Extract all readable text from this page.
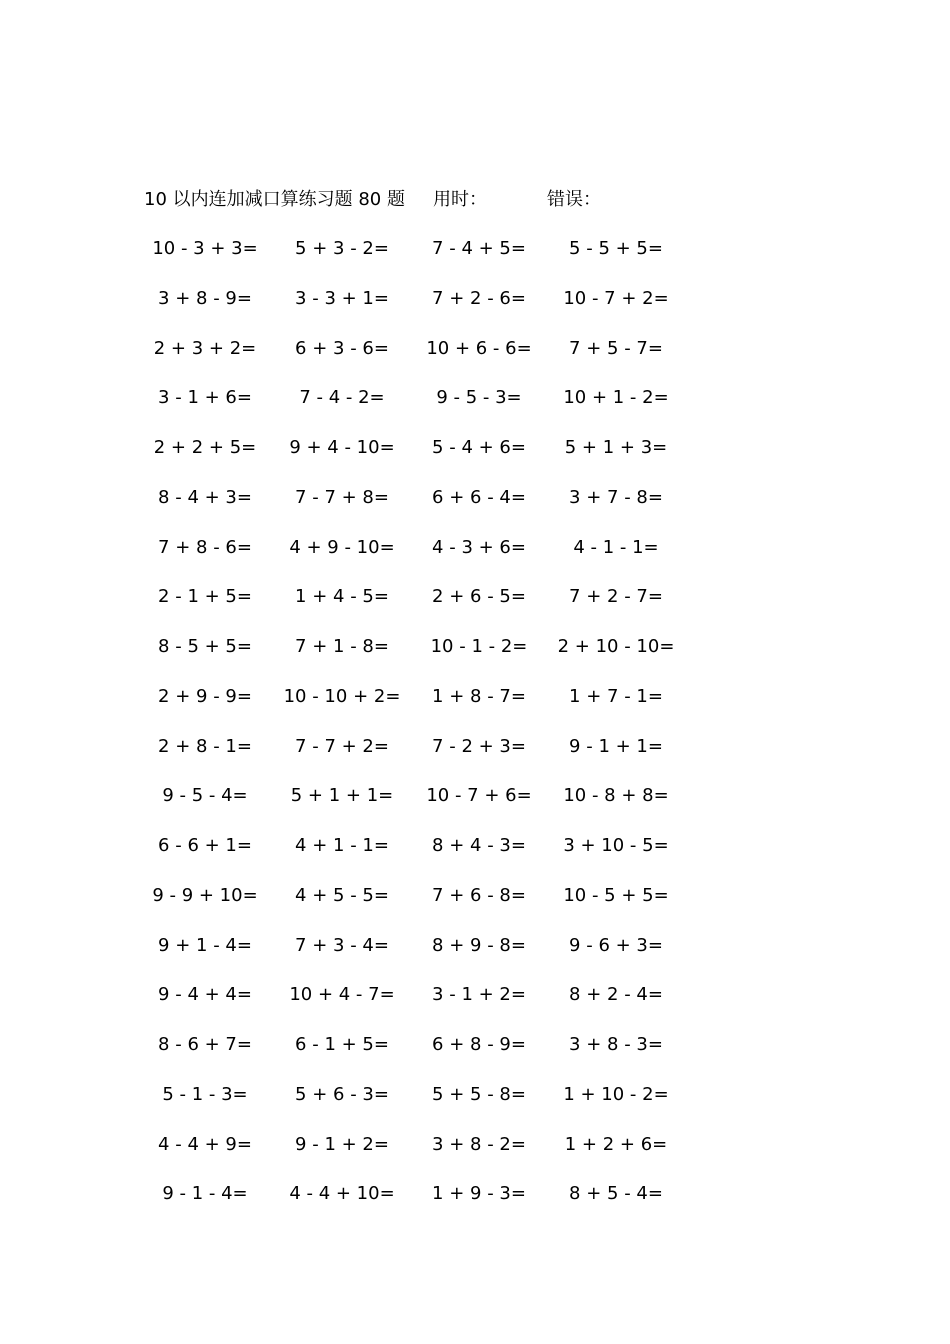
10 以内连加减口算练习题 80 题 用时：	错误：
10 - 3 + 3=	5 + 3 - 2=	7 - 4 + 5=	5 - 5 + 5=
3 + 8 - 9=	3 - 3 + 1=	7 + 2 - 6=	10 - 7 + 2=
2 + 3 + 2=	6 + 3 - 6=	10 + 6 - 6=	7 + 5 - 7=
3 - 1 + 6=	7 - 4 - 2=	9 - 5 - 3=	10 + 1 - 2=
2 + 2 + 5=	9 + 4 - 10=	5 - 4 + 6=	5 + 1 + 3=
8 - 4 + 3=	7 - 7 + 8=	6 + 6 - 4=	3 + 7 - 8=
7 + 8 - 6=	4 + 9 - 10=	4 - 3 + 6=	4 - 1 - 1=
2 - 1 + 5=	1 + 4 - 5=	2 + 6 - 5=	7 + 2 - 7=
8 - 5 + 5=	7 + 1 - 8=	10 - 1 - 2=	2 + 10 - 10=
2 + 9 - 9=	10 - 10 + 2=	1 + 8 - 7=	1 + 7 - 1=
2 + 8 - 1=	7 - 7 + 2=	7 - 2 + 3=	9 - 1 + 1=
9 - 5 - 4=	5 + 1 + 1=	10 - 7 + 6=	10 - 8 + 8=
6 - 6 + 1=	4 + 1 - 1=	8 + 4 - 3=	3 + 10 - 5=
9 - 9 + 10=	4 + 5 - 5=	7 + 6 - 8=	10 - 5 + 5=
9 + 1 - 4=	7 + 3 - 4=	8 + 9 - 8=	9 - 6 + 3=
9 - 4 + 4=	10 + 4 - 7=	3 - 1 + 2=	8 + 2 - 4=
8 - 6 + 7=	6 - 1 + 5=	6 + 8 - 9=	3 + 8 - 3=
5 - 1 - 3=	5 + 6 - 3=	5 + 5 - 8=	1 + 10 - 2=
4 - 4 + 9=	9 - 1 + 2=	3 + 8 - 2=	1 + 2 + 6=
9 - 1 - 4=	4 - 4 + 10=	1 + 9 - 3=	8 + 5 - 4=
